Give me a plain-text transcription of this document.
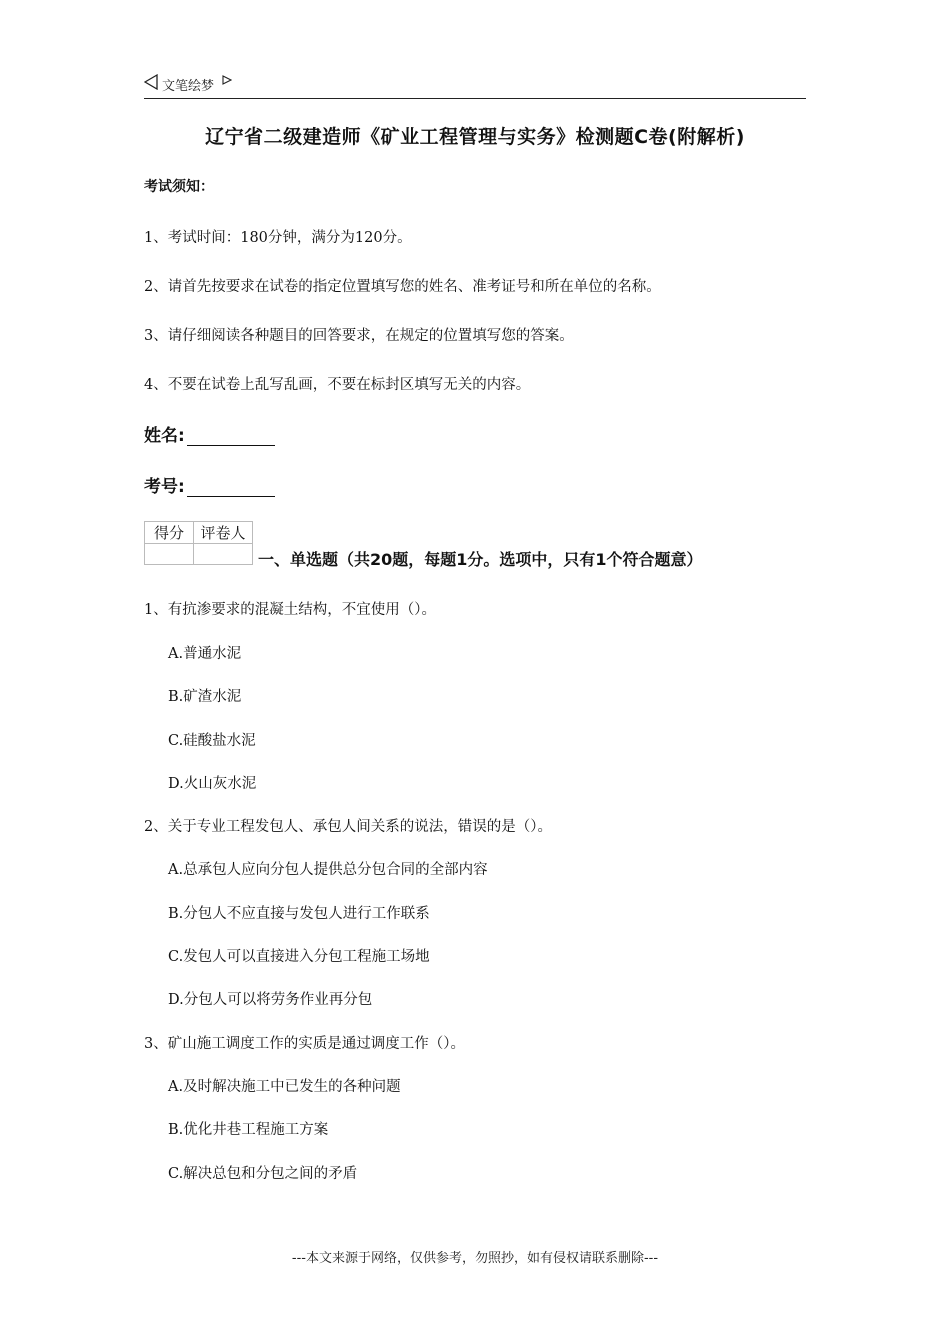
文笔绘梦
辽宁省二级建造师《矿业工程管理与实务》检测题C卷(附解析)
考试须知：
1、考试时间：180分钟，满分为120分。
2、请首先按要求在试卷的指定位置填写您的姓名、准考证号和所在单位的名称。
3、请仔细阅读各种题目的回答要求，在规定的位置填写您的答案。
4、不要在试卷上乱写乱画，不要在标封区填写无关的内容。
姓名:
考号:
得分	评卷人

一、单选题（共20题，每题1分。选项中，只有1个符合题意）
1、有抗渗要求的混凝土结构，不宜使用（）。
A.普通水泥
B.矿渣水泥
C.硅酸盐水泥
D.火山灰水泥
2、关于专业工程发包人、承包人间关系的说法，错误的是（）。
A.总承包人应向分包人提供总分包合同的全部内容
B.分包人不应直接与发包人进行工作联系
C.发包人可以直接进入分包工程施工场地
D.分包人可以将劳务作业再分包
3、矿山施工调度工作的实质是通过调度工作（）。
A.及时解决施工中已发生的各种问题
B.优化井巷工程施工方案
C.解决总包和分包之间的矛盾
---本文来源于网络，仅供参考，勿照抄，如有侵权请联系删除---
